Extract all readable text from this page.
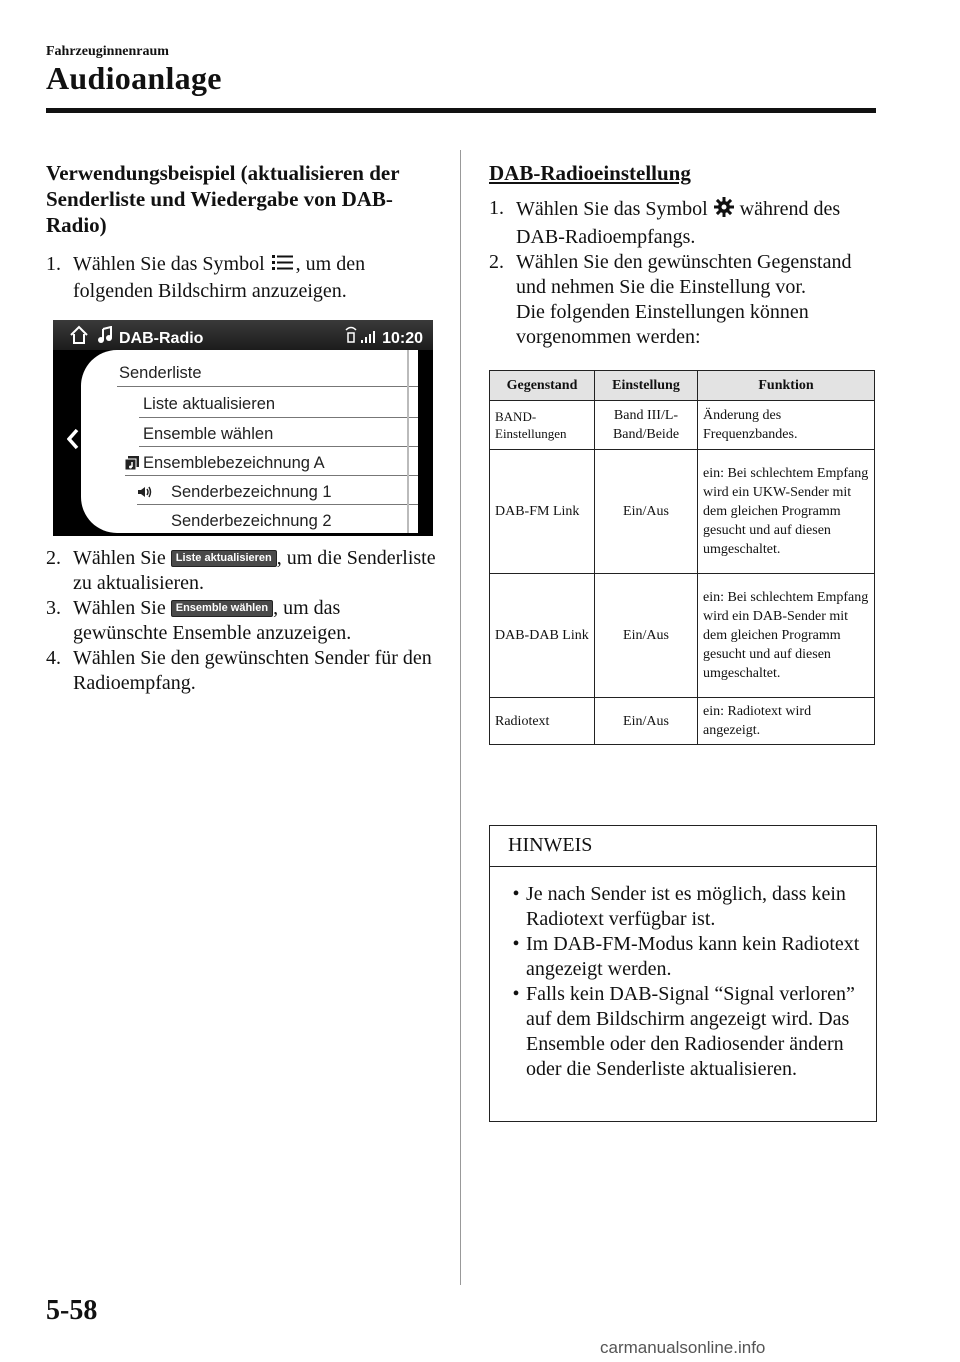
Fahrzeuginnenraum
Audioanlage
Verwendungsbeispiel (aktualisieren der Senderliste und Wiedergabe von DAB-Radio)
1. Wählen Sie das Symbol , um den folgenden Bildschirm anzuzeigen.
DAB-Radio	10:20
Senderliste
Liste aktualisieren
Ensemble wählen
Ensemblebezeichnung A
Senderbezeichnung 1
Senderbezeichnung 2
2. Wählen Sie Liste aktualisieren , um die Senderliste zu aktualisieren.
3. Wählen Sie Ensemble wählen , um das gewünschte Ensemble anzuzeigen.
4. Wählen Sie den gewünschten Sender für den Radioempfang.
DAB-Radioeinstellung
1. Wählen Sie das Symbol  während des DAB-Radioempfangs.
2. Wählen Sie den gewünschten Gegenstand und nehmen Sie die Einstellung vor.
Die folgenden Einstellungen können vorgenommen werden:
Gegenstand	Einstellung	Funktion
BAND-Einstellungen	Band III/L-Band/Beide	Änderung des Frequenzbandes.
DAB-FM Link	Ein/Aus	ein: Bei schlechtem Empfang wird ein UKW-Sender mit dem gleichen Programm gesucht und auf diesen umgeschaltet.
DAB-DAB Link	Ein/Aus	ein: Bei schlechtem Empfang wird ein DAB-Sender mit dem gleichen Programm gesucht und auf diesen umgeschaltet.
Radiotext	Ein/Aus	ein: Radiotext wird angezeigt.
HINWEIS
• Je nach Sender ist es möglich, dass kein Radiotext verfügbar ist.
• Im DAB-FM-Modus kann kein Radiotext angezeigt werden.
• Falls kein DAB-Signal “Signal verloren” auf dem Bildschirm angezeigt wird. Das Ensemble oder den Radiosender ändern oder die Senderliste aktualisieren.
5-58
carmanualsonline.info
